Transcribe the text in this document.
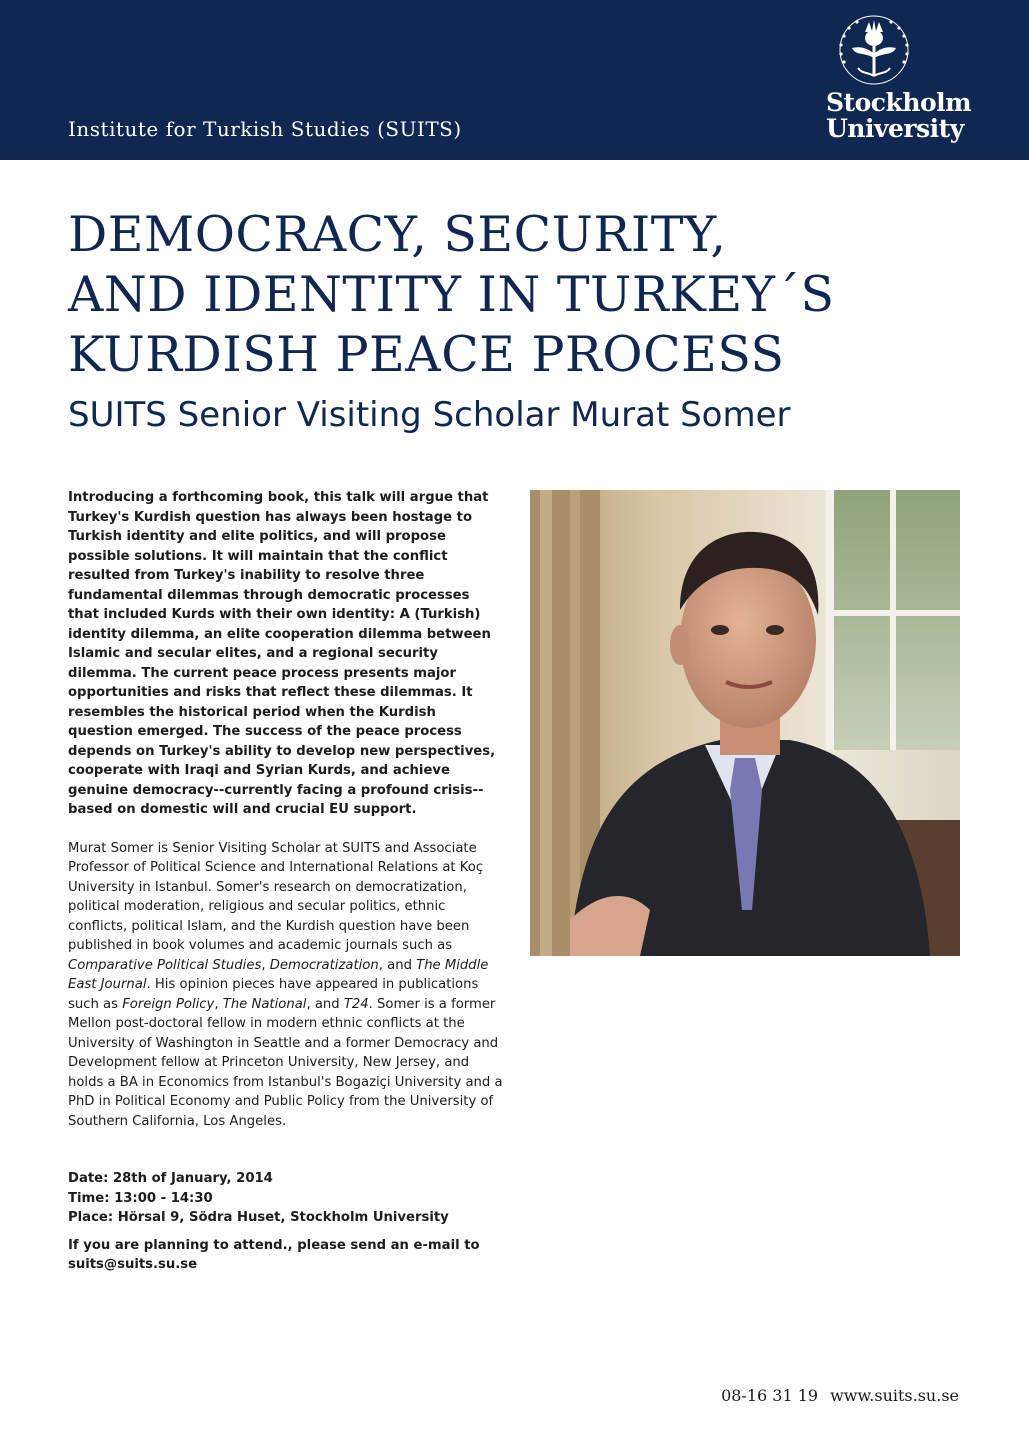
Institute for Turkish Studies (SUITS)
Stockholm
University
DEMOCRACY, SECURITY,
AND IDENTITY IN TURKEY´S
KURDISH PEACE PROCESS
SUITS Senior Visiting Scholar Murat Somer

Introducing a forthcoming book, this talk will argue that Turkey's Kurdish question has always been hostage to Turkish identity and elite politics, and will propose possible solutions. It will maintain that the conflict resulted from Turkey's inability to resolve three fundamental dilemmas through democratic processes that included Kurds with their own identity: A (Turkish) identity dilemma, an elite cooperation dilemma between Islamic and secular elites, and a regional security dilemma. The current peace process presents major opportunities and risks that reflect these dilemmas. It resembles the historical period when the Kurdish question emerged. The success of the peace process depends on Turkey's ability to develop new perspectives, cooperate with Iraqi and Syrian Kurds, and achieve genuine democracy--currently facing a profound crisis--based on domestic will and crucial EU support.

Murat Somer is Senior Visiting Scholar at SUITS and Associate Professor of Political Science and International Relations at Koç University in Istanbul. Somer's research on democratization, political moderation, religious and secular politics, ethnic conflicts, political Islam, and the Kurdish question have been published in book volumes and academic journals such as Comparative Political Studies, Democratization, and The Middle East Journal. His opinion pieces have appeared in publications such as Foreign Policy, The National, and T24. Somer is a former Mellon post-doctoral fellow in modern ethnic conflicts at the University of Washington in Seattle and a former Democracy and Development fellow at Princeton University, New Jersey, and holds a BA in Economics from Istanbul's Bogaziçi University and a PhD in Political Economy and Public Policy from the University of Southern California, Los Angeles.

Date: 28th of January, 2014
Time: 13:00 - 14:30
Place: Hörsal 9, Södra Huset, Stockholm University

If you are planning to attend., please send an e-mail to
suits@suits.su.se

08-16 31 19 www.suits.su.se
